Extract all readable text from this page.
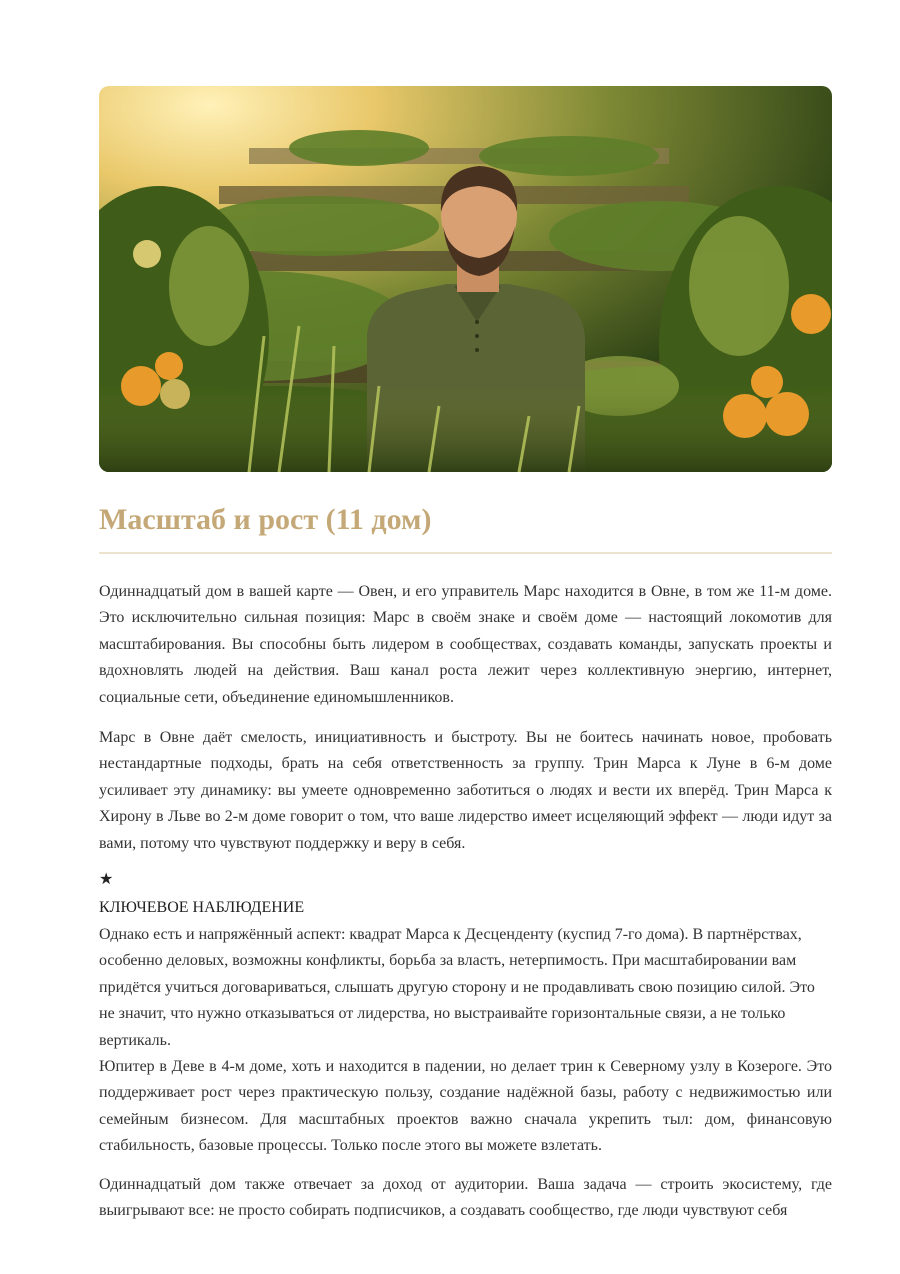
Масштаб и рост (11 дом)

Одиннадцатый дом в вашей карте — Овен, и его управитель Марс находится в Овне, в том же 11-м доме. Это исключительно сильная позиция: Марс в своём знаке и своём доме — настоящий локомотив для масштабирования. Вы способны быть лидером в сообществах, создавать команды, запускать проекты и вдохновлять людей на действия. Ваш канал роста лежит через коллективную энергию, интернет, социальные сети, объединение единомышленников.

Марс в Овне даёт смелость, инициативность и быстроту. Вы не боитесь начинать новое, пробовать нестандартные подходы, брать на себя ответственность за группу. Трин Марса к Луне в 6-м доме усиливает эту динамику: вы умеете одновременно заботиться о людях и вести их вперёд. Трин Марса к Хирону в Льве во 2-м доме говорит о том, что ваше лидерство имеет исцеляющий эффект — люди идут за вами, потому что чувствуют поддержку и веру в себя.

★
КЛЮЧЕВОЕ НАБЛЮДЕНИЕ

Однако есть и напряжённый аспект: квадрат Марса к Десценденту (куспид 7-го дома). В партнёрствах, особенно деловых, возможны конфликты, борьба за власть, нетерпимость. При масштабировании вам придётся учиться договариваться, слышать другую сторону и не продавливать свою позицию силой. Это не значит, что нужно отказываться от лидерства, но выстраивайте горизонтальные связи, а не только вертикаль.

Юпитер в Деве в 4-м доме, хоть и находится в падении, но делает трин к Северному узлу в Козероге. Это поддерживает рост через практическую пользу, создание надёжной базы, работу с недвижимостью или семейным бизнесом. Для масштабных проектов важно сначала укрепить тыл: дом, финансовую стабильность, базовые процессы. Только после этого вы можете взлетать.

Одиннадцатый дом также отвечает за доход от аудитории. Ваша задача — строить экосистему, где выигрывают все: не просто собирать подписчиков, а создавать сообщество, где люди чувствуют себя
